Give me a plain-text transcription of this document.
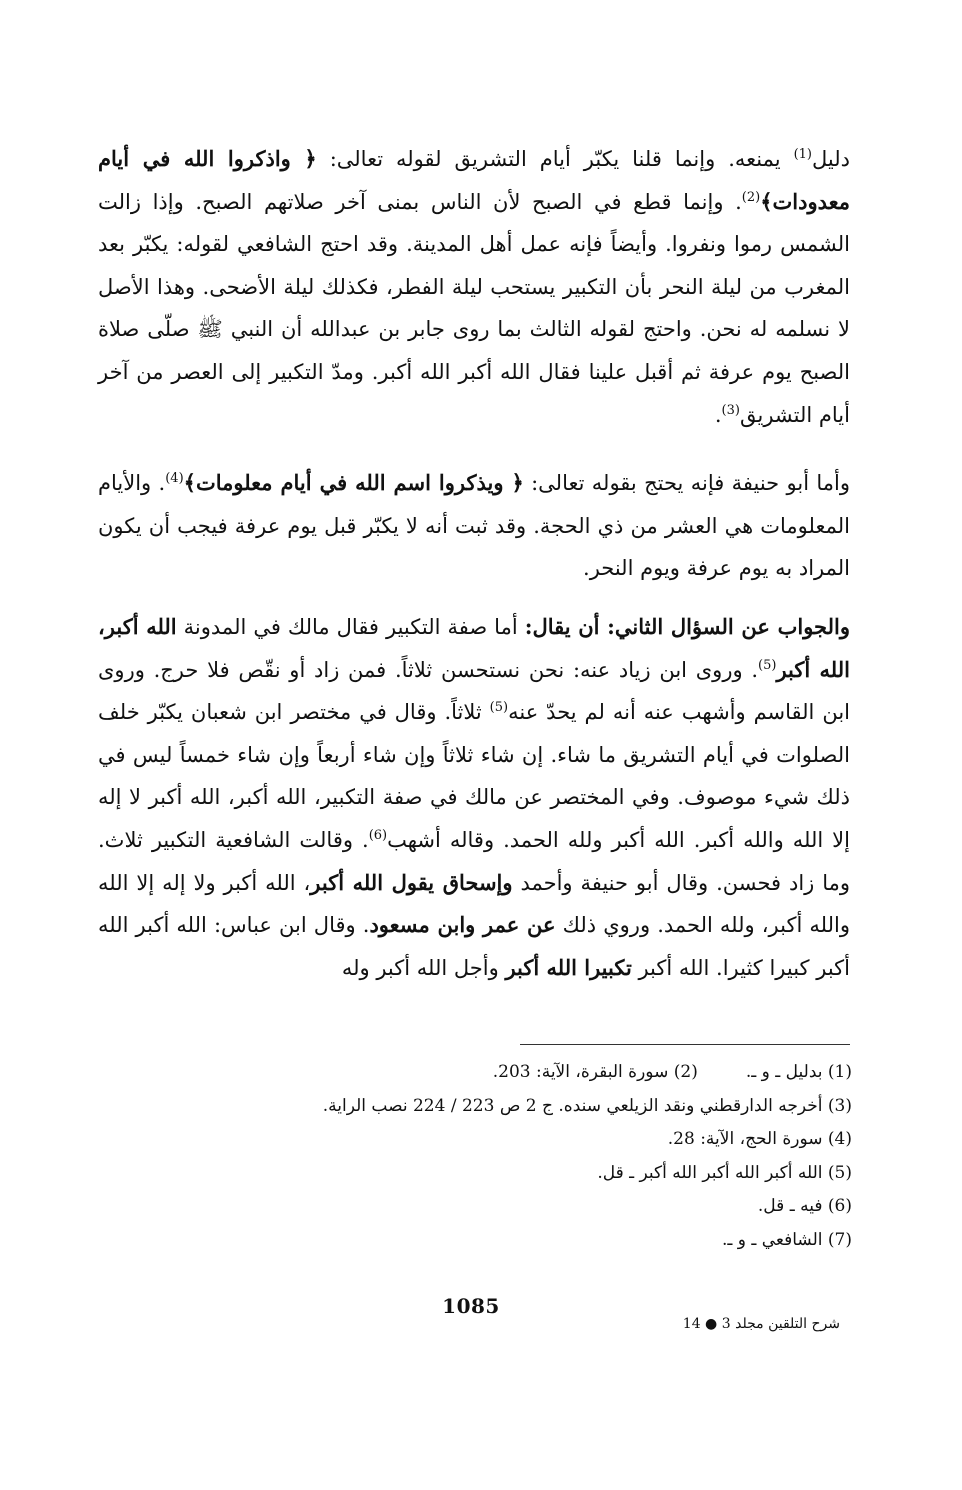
دليل$^{(1)}$ يمنعه. وإنما قلنا يكبّر أيام التشريق لقوله تعالى: ﴿ واذكروا الله في أيام معدودات﴾$^{(2)}$. وإنما قطع في الصبح لأن الناس بمنى آخر صلاتهم الصبح. وإذا زالت الشمس رموا ونفروا. وأيضاً فإنه عمل أهل المدينة. وقد احتج الشافعي لقوله: يكبّر بعد المغرب من ليلة النحر بأن التكبير يستحب ليلة الفطر، فكذلك ليلة الأضحى. وهذا الأصل لا نسلمه له نحن. واحتج لقوله الثالث بما روى جابر بن عبدالله أن النبي ﷺ صلّى صلاة الصبح يوم عرفة ثم أقبل علينا فقال الله أكبر الله أكبر. ومدّ التكبير إلى العصر من آخر أيام التشريق$^{(3)}$.

وأما أبو حنيفة فإنه يحتج بقوله تعالى: ﴿ ويذكروا اسم الله في أيام معلومات﴾$^{(4)}$. والأيام المعلومات هي العشر من ذي الحجة. وقد ثبت أنه لا يكبّر قبل يوم عرفة فيجب أن يكون المراد به يوم عرفة ويوم النحر.

والجواب عن السؤال الثاني: أن يقال: أما صفة التكبير فقال مالك في المدونة الله أكبر، الله أكبر$^{(5)}$. وروى ابن زياد عنه: نحن نستحسن ثلاثاً. فمن زاد أو نقّص فلا حرج. وروى ابن القاسم وأشهب عنه أنه لم يحدّ عنه$^{(5)}$ ثلاثاً. وقال في مختصر ابن شعبان يكبّر خلف الصلوات في أيام التشريق ما شاء. إن شاء ثلاثاً وإن شاء أربعاً وإن شاء خمساً ليس في ذلك شيء موصوف. وفي المختصر عن مالك في صفة التكبير، الله أكبر، الله أكبر لا إله إلا الله والله أكبر. الله أكبر ولله الحمد. وقاله أشهب$^{(6)}$. وقالت الشافعية التكبير ثلاث. وما زاد فحسن. وقال أبو حنيفة وأحمد وإسحاق يقول الله أكبر، الله أكبر ولا إله إلا الله والله أكبر، ولله الحمد. وروي ذلك عن عمر وابن مسعود. وقال ابن عباس: الله أكبر الله أكبر كبيرا كثيرا. الله أكبر تكبيرا الله أكبر وأجل الله أكبر وله

(1) بدليل ـ و ـ.(2) سورة البقرة، الآية: 203.
(3) أخرجه الدارقطني ونقد الزيلعي سنده. ج 2 ص 223 / 224 نصب الراية.
(4) سورة الحج، الآية: 28.
(5) الله أكبر الله أكبر الله أكبر ـ قل.
(6) فيه ـ قل.
(7) الشافعي ـ و ـ.
1085
شرح التلقين مجلد 3 ● 14
